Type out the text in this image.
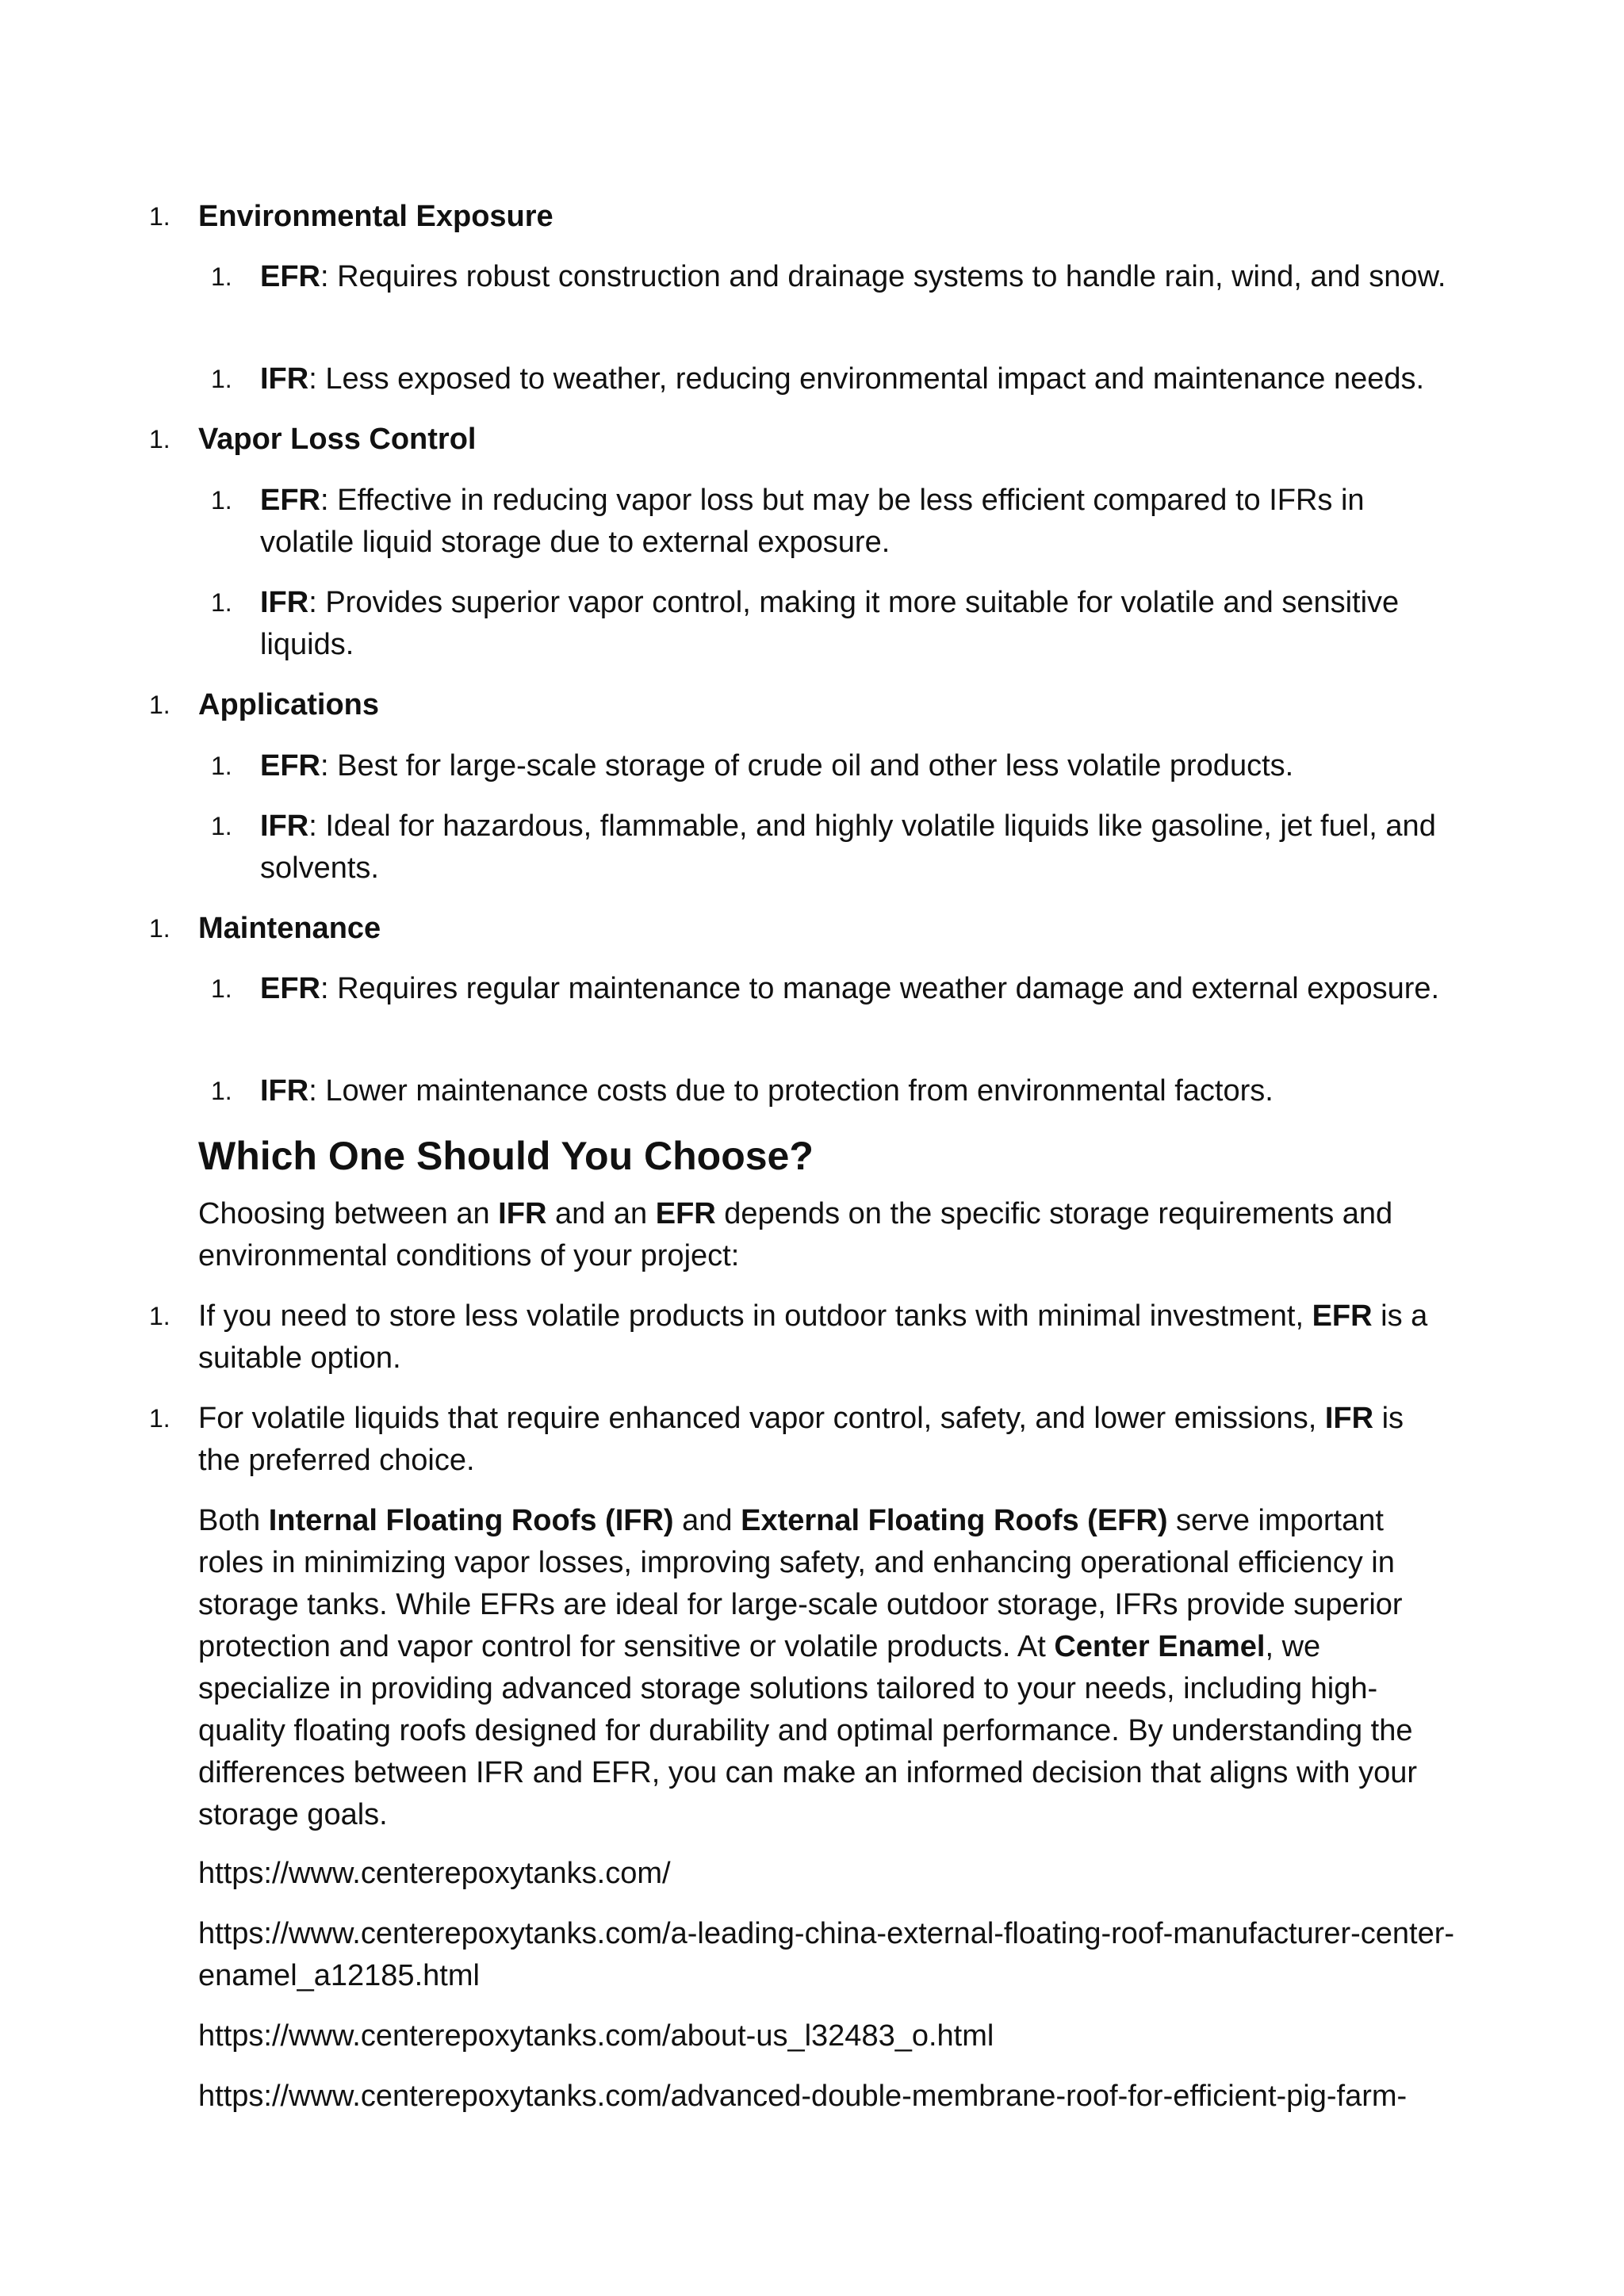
1. Environmental Exposure

1. EFR: Requires robust construction and drainage systems to handle rain, wind, and snow.

1. IFR: Less exposed to weather, reducing environmental impact and maintenance needs.

1. Vapor Loss Control

1. EFR: Effective in reducing vapor loss but may be less efficient compared to IFRs in volatile liquid storage due to external exposure.

1. IFR: Provides superior vapor control, making it more suitable for volatile and sensitive liquids.

1. Applications

1. EFR: Best for large-scale storage of crude oil and other less volatile products.

1. IFR: Ideal for hazardous, flammable, and highly volatile liquids like gasoline, jet fuel, and solvents.

1. Maintenance

1. EFR: Requires regular maintenance to manage weather damage and external exposure.

1. IFR: Lower maintenance costs due to protection from environmental factors.

Which One Should You Choose?

Choosing between an IFR and an EFR depends on the specific storage requirements and environmental conditions of your project:

1. If you need to store less volatile products in outdoor tanks with minimal investment, EFR is a suitable option.

1. For volatile liquids that require enhanced vapor control, safety, and lower emissions, IFR is the preferred choice.

Both Internal Floating Roofs (IFR) and External Floating Roofs (EFR) serve important roles in minimizing vapor losses, improving safety, and enhancing operational efficiency in storage tanks. While EFRs are ideal for large-scale outdoor storage, IFRs provide superior protection and vapor control for sensitive or volatile products. At Center Enamel, we specialize in providing advanced storage solutions tailored to your needs, including high-quality floating roofs designed for durability and optimal performance. By understanding the differences between IFR and EFR, you can make an informed decision that aligns with your storage goals.

https://www.centerepoxytanks.com/

https://www.centerepoxytanks.com/a-leading-china-external-floating-roof-manufacturer-center-enamel_a12185.html

https://www.centerepoxytanks.com/about-us_l32483_o.html

https://www.centerepoxytanks.com/advanced-double-membrane-roof-for-efficient-pig-farm-
